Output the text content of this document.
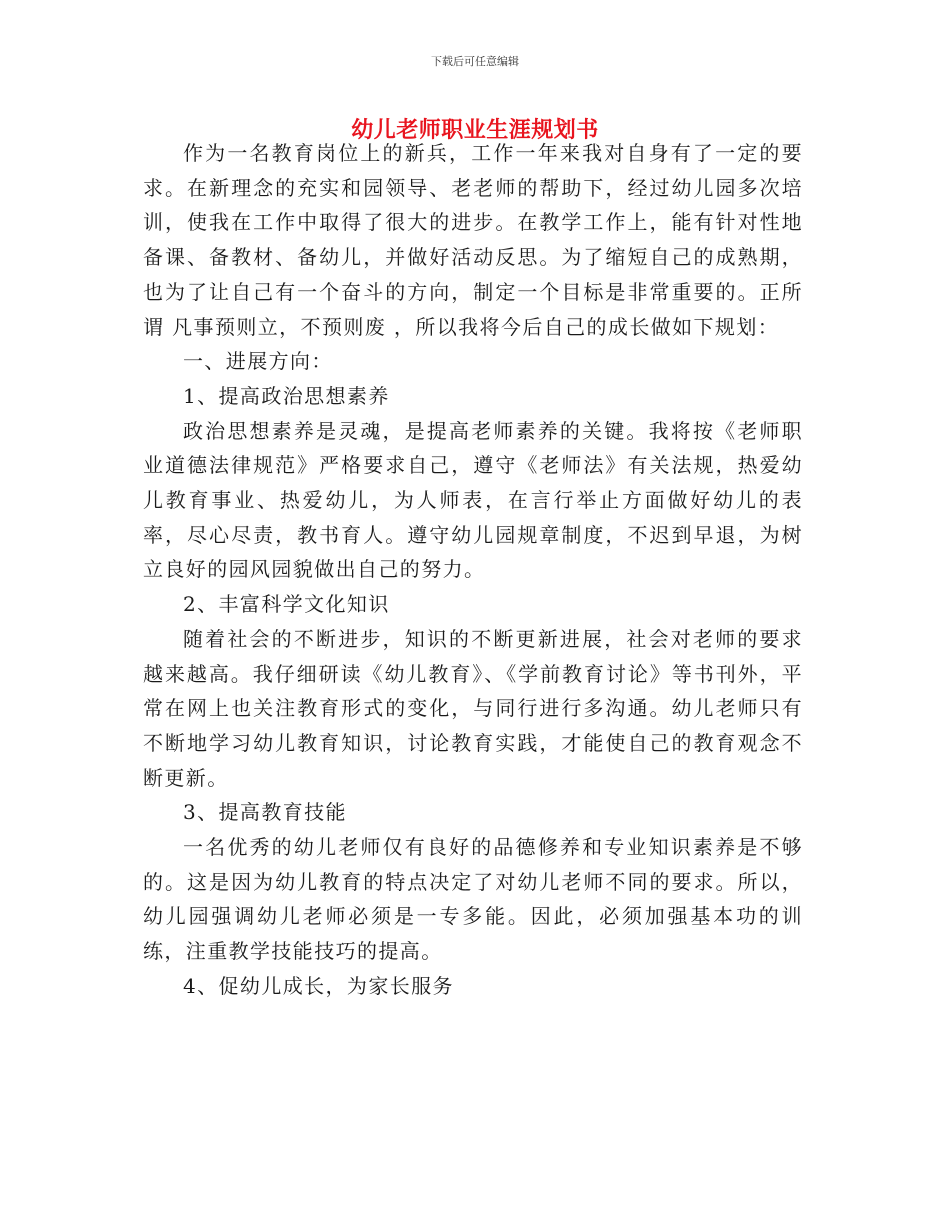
下载后可任意编辑
幼儿老师职业生涯规划书

作为一名教育岗位上的新兵，工作一年来我对自身有了一定的要求。在新理念的充实和园领导、老老师的帮助下，经过幼儿园多次培训，使我在工作中取得了很大的进步。在教学工作上，能有针对性地备课、备教材、备幼儿，并做好活动反思。为了缩短自己的成熟期，也为了让自己有一个奋斗的方向，制定一个目标是非常重要的。正所谓 凡事预则立，不预则废 ，所以我将今后自己的成长做如下规划：

一、进展方向：

1、提高政治思想素养

政治思想素养是灵魂，是提高老师素养的关键。我将按《老师职业道德法律规范》严格要求自己，遵守《老师法》有关法规，热爱幼儿教育事业、热爱幼儿，为人师表，在言行举止方面做好幼儿的表率，尽心尽责，教书育人。遵守幼儿园规章制度，不迟到早退，为树立良好的园风园貌做出自己的努力。

2、丰富科学文化知识

随着社会的不断进步，知识的不断更新进展，社会对老师的要求越来越高。我仔细研读《幼儿教育》、《学前教育讨论》等书刊外，平常在网上也关注教育形式的变化，与同行进行多沟通。幼儿老师只有不断地学习幼儿教育知识，讨论教育实践，才能使自己的教育观念不断更新。

3、提高教育技能

一名优秀的幼儿老师仅有良好的品德修养和专业知识素养是不够的。这是因为幼儿教育的特点决定了对幼儿老师不同的要求。所以，幼儿园强调幼儿老师必须是一专多能。因此，必须加强基本功的训练，注重教学技能技巧的提高。

4、促幼儿成长，为家长服务
